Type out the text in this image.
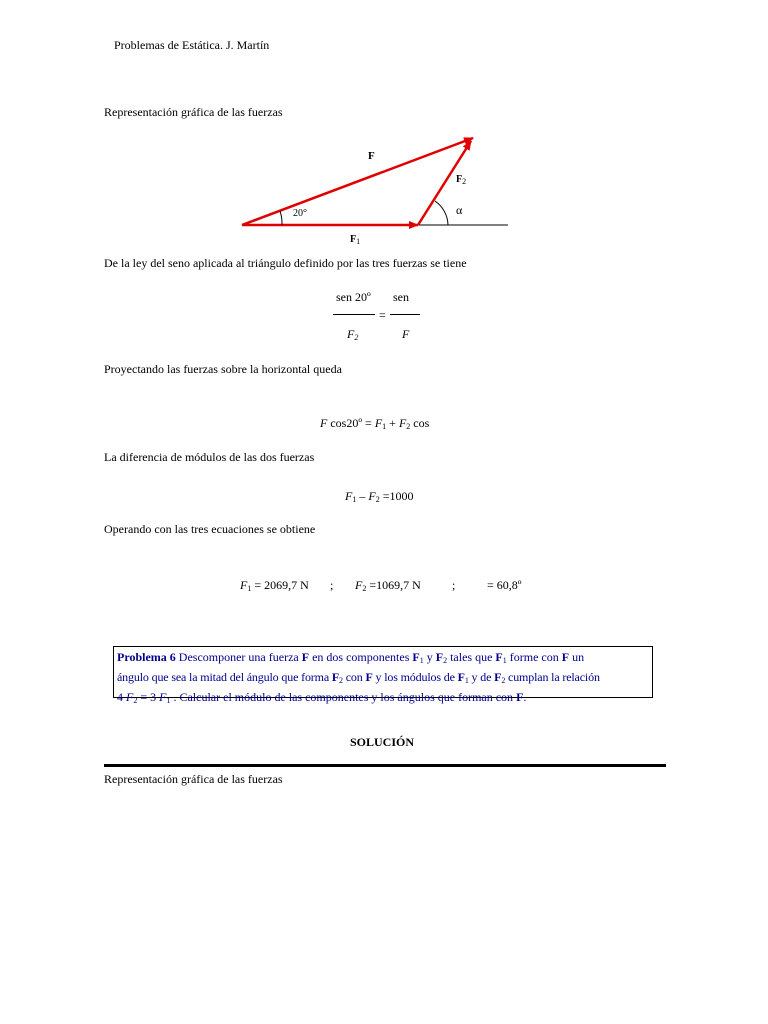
Problemas de Estática. J. Martín
Representación gráfica de las fuerzas
F
$F_2$
20°	α
$F_1$
De la ley del seno aplicada al triángulo definido por las tres fuerzas se tiene
sen 20º
$F_2$
=
sen
F
Proyectando las fuerzas sobre la horizontal queda
F cos20º = $F_1 + F_2$ cos
La diferencia de módulos de las dos fuerzas
$F_1 - F_2 =1000$
Operando con las tres ecuaciones se obtiene
$F_1 = 2069,7$ N ; $F_2 =1069,7$ N	;	= 60,8º
Problema 6 Descomponer una fuerza F en dos componentes $F_1$ y $F_2$ tales que $F_1$ forme con F un
ángulo que sea la mitad del ángulo que forma $F_2$ con F y los módulos de $F_1$ y de $F_2$ cumplan la relación
4 $F_2 = 3$ $F_1$ . Calcular el módulo de las componentes y los ángulos que forman con F.
SOLUCIÓN
Representación gráfica de las fuerzas
